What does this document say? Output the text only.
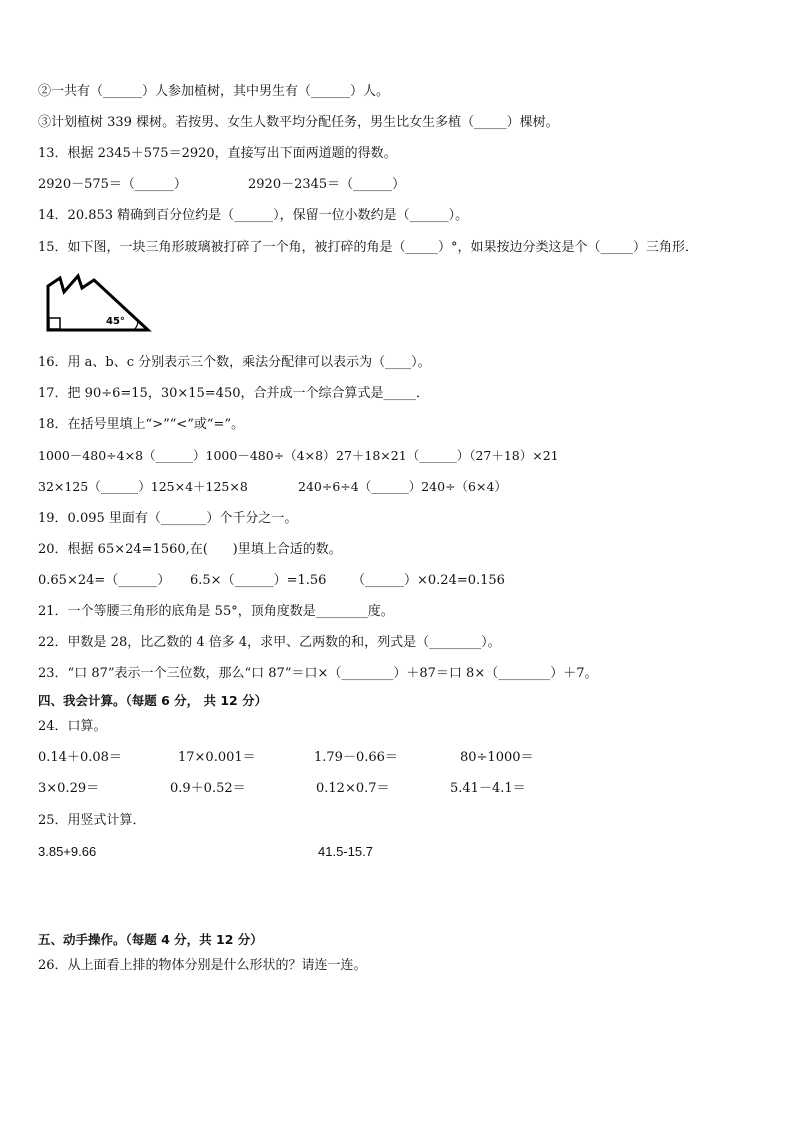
②一共有（______）人参加植树，其中男生有（______）人。
③计划植树 339 棵树。若按男、女生人数平均分配任务，男生比女生多植（_____）棵树。
13．根据 2345＋575＝2920，直接写出下面两道题的得数。
2920－575＝（______）	2920－2345＝（______）
14．20.853 精确到百分位约是（______），保留一位小数约是（______）。
15．如下图，一块三角形玻璃被打碎了一个角，被打碎的角是（_____）°，如果按边分类这是个（_____）三角形．
45°
16．用 a、b、c 分别表示三个数，乘法分配律可以表示为（____）。
17．把 90÷6=15，30×15=450，合并成一个综合算式是_____．
18．在括号里填上“>”“<”或“=”。
1000－480÷4×8（______）1000－480÷（4×8） 27＋18×21（______）（27＋18）×21
32×125（______）125×4＋125×8	240÷6÷4（______）240÷（6×4）
19．0.095 里面有（_______）个千分之一。
20．根据 65×24=1560,在(      )里填上合适的数。
0.65×24=（______） 6.5×（______）=1.56 （______）×0.24=0.156
21．一个等腰三角形的底角是 55°，顶角度数是________度。
22．甲数是 28，比乙数的 4 倍多 4，求甲、乙两数的和，列式是（________）。
23．“口 87”表示一个三位数，那么“口 87”＝口×（________）＋87＝口 8×（________）＋7。
四、我会计算。（每题 6 分， 共 12 分）
24．口算。
0.14＋0.08＝	17×0.001＝	1.79－0.66＝	80÷1000＝
3×0.29＝	0.9＋0.52＝	0.12×0.7＝	5.41－4.1＝
25．用竖式计算．
3.85+9.66	41.5-15.7
五、动手操作。（每题 4 分，共 12 分）
26．从上面看上排的物体分别是什么形状的？请连一连。
